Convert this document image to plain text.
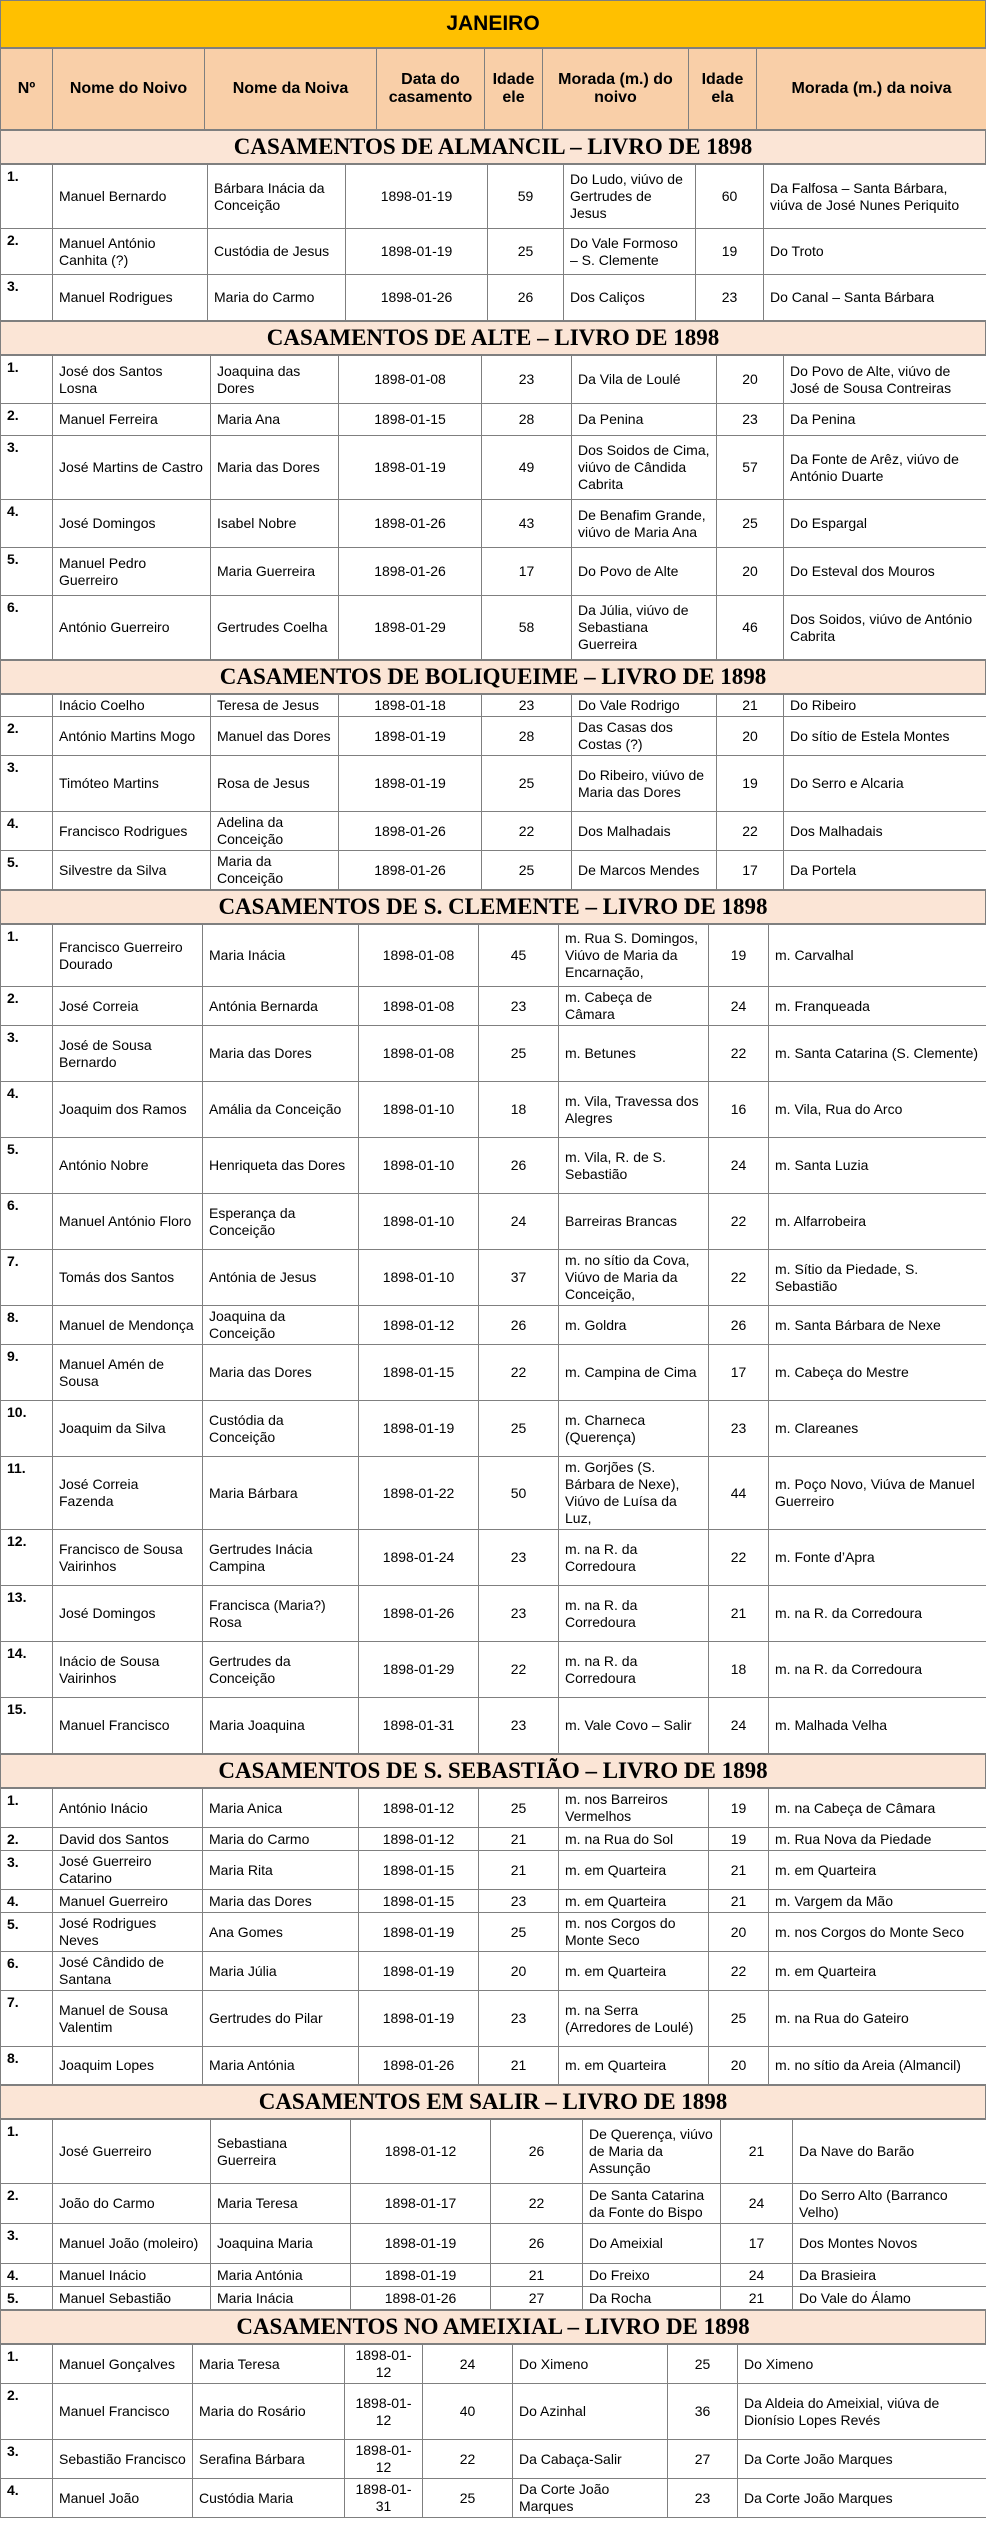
JANEIRO
Nº	Nome do Noivo	Nome da Noiva	Data do casamento	Idade ele	Morada (m.) do noivo	Idade ela	Morada (m.) da noiva
CASAMENTOS DE ALMANCIL – LIVRO DE 1898
1.	Manuel Bernardo	Bárbara Inácia da Conceição	1898-01-19	59	Do Ludo, viúvo de Gertrudes de Jesus	60	Da Falfosa – Santa Bárbara, viúva de José Nunes Periquito
2.	Manuel António Canhita (?)	Custódia de Jesus	1898-01-19	25	Do Vale Formoso – S. Clemente	19	Do Troto
3.	Manuel Rodrigues	Maria do Carmo	1898-01-26	26	Dos Caliços	23	Do Canal – Santa Bárbara
CASAMENTOS DE ALTE – LIVRO DE 1898
1.	José dos Santos Losna	Joaquina das Dores	1898-01-08	23	Da Vila de Loulé	20	Do Povo de Alte, viúvo de José de Sousa Contreiras
2.	Manuel Ferreira	Maria Ana	1898-01-15	28	Da Penina	23	Da Penina
3.	José Martins de Castro	Maria das Dores	1898-01-19	49	Dos Soidos de Cima, viúvo de Cândida Cabrita	57	Da Fonte de Arêz, viúvo de António Duarte
4.	José Domingos	Isabel Nobre	1898-01-26	43	De Benafim Grande, viúvo de Maria Ana	25	Do Espargal
5.	Manuel Pedro Guerreiro	Maria Guerreira	1898-01-26	17	Do Povo de Alte	20	Do Esteval dos Mouros
6.	António Guerreiro	Gertrudes Coelha	1898-01-29	58	Da Júlia, viúvo de Sebastiana Guerreira	46	Dos Soidos, viúvo de António Cabrita
CASAMENTOS DE BOLIQUEIME – LIVRO DE 1898
	Inácio Coelho	Teresa de Jesus	1898-01-18	23	Do Vale Rodrigo	21	Do Ribeiro
2.	António Martins Mogo	Manuel das Dores	1898-01-19	28	Das Casas dos Costas (?)	20	Do sítio de Estela Montes
3.	Timóteo Martins	Rosa de Jesus	1898-01-19	25	Do Ribeiro, viúvo de Maria das Dores	19	Do Serro e Alcaria
4.	Francisco Rodrigues	Adelina da Conceição	1898-01-26	22	Dos Malhadais	22	Dos Malhadais
5.	Silvestre da Silva	Maria da Conceição	1898-01-26	25	De Marcos Mendes	17	Da Portela
CASAMENTOS DE S. CLEMENTE – LIVRO DE 1898
1.	Francisco Guerreiro Dourado	Maria Inácia	1898-01-08	45	m. Rua S. Domingos, Viúvo de Maria da Encarnação,	19	m. Carvalhal
2.	José Correia	Antónia Bernarda	1898-01-08	23	m. Cabeça de Câmara	24	m. Franqueada
3.	José de Sousa Bernardo	Maria das Dores	1898-01-08	25	m. Betunes	22	m. Santa Catarina (S. Clemente)
4.	Joaquim dos Ramos	Amália da Conceição	1898-01-10	18	m. Vila, Travessa dos Alegres	16	m. Vila, Rua do Arco
5.	António Nobre	Henriqueta das Dores	1898-01-10	26	m. Vila, R. de S. Sebastião	24	m. Santa Luzia
6.	Manuel António Floro	Esperança da Conceição	1898-01-10	24	Barreiras Brancas	22	m. Alfarrobeira
7.	Tomás dos Santos	Antónia de Jesus	1898-01-10	37	m. no sítio da Cova, Viúvo de Maria da Conceição,	22	m. Sítio da Piedade, S. Sebastião
8.	Manuel de Mendonça	Joaquina da Conceição	1898-01-12	26	m. Goldra	26	m. Santa Bárbara de Nexe
9.	Manuel Amén de Sousa	Maria das Dores	1898-01-15	22	m. Campina de Cima	17	m. Cabeça do Mestre
10.	Joaquim da Silva	Custódia da Conceição	1898-01-19	25	m. Charneca (Querença)	23	m. Clareanes
11.	José Correia Fazenda	Maria Bárbara	1898-01-22	50	m. Gorjões (S. Bárbara de Nexe), Viúvo de Luísa da Luz,	44	m. Poço Novo, Viúva de Manuel Guerreiro
12.	Francisco de Sousa Vairinhos	Gertrudes Inácia Campina	1898-01-24	23	m. na R. da Corredoura	22	m. Fonte d’Apra
13.	José Domingos	Francisca (Maria?) Rosa	1898-01-26	23	m. na R. da Corredoura	21	m. na R. da Corredoura
14.	Inácio de Sousa Vairinhos	Gertrudes da Conceição	1898-01-29	22	m. na R. da Corredoura	18	m. na R. da Corredoura
15.	Manuel Francisco	Maria Joaquina	1898-01-31	23	m. Vale Covo – Salir	24	m. Malhada Velha
CASAMENTOS DE S. SEBASTIÃO – LIVRO DE 1898
1.	António Inácio	Maria Anica	1898-01-12	25	m. nos Barreiros Vermelhos	19	m. na Cabeça de Câmara
2.	David dos Santos	Maria do Carmo	1898-01-12	21	m. na Rua do Sol	19	m. Rua Nova da Piedade
3.	José Guerreiro Catarino	Maria Rita	1898-01-15	21	m. em Quarteira	21	m. em Quarteira
4.	Manuel Guerreiro	Maria das Dores	1898-01-15	23	m. em Quarteira	21	m. Vargem da Mão
5.	José Rodrigues Neves	Ana Gomes	1898-01-19	25	m. nos Corgos do Monte Seco	20	m. nos Corgos do Monte Seco
6.	José Cândido de Santana	Maria Júlia	1898-01-19	20	m. em Quarteira	22	m. em Quarteira
7.	Manuel de Sousa Valentim	Gertrudes do Pilar	1898-01-19	23	m. na Serra (Arredores de Loulé)	25	m. na Rua do Gateiro
8.	Joaquim Lopes	Maria Antónia	1898-01-26	21	m. em Quarteira	20	m. no sítio da Areia (Almancil)
CASAMENTOS EM SALIR – LIVRO DE 1898
1.	José Guerreiro	Sebastiana Guerreira	1898-01-12	26	De Querença, viúvo de Maria da Assunção	21	Da Nave do Barão
2.	João do Carmo	Maria Teresa	1898-01-17	22	De Santa Catarina da Fonte do Bispo	24	Do Serro Alto (Barranco Velho)
3.	Manuel João (moleiro)	Joaquina Maria	1898-01-19	26	Do Ameixial	17	Dos Montes Novos
4.	Manuel Inácio	Maria Antónia	1898-01-19	21	Do Freixo	24	Da Brasieira
5.	Manuel Sebastião	Maria Inácia	1898-01-26	27	Da Rocha	21	Do Vale do Álamo
CASAMENTOS NO AMEIXIAL – LIVRO DE 1898
1.	Manuel Gonçalves	Maria Teresa	1898-01-12	24	Do Ximeno	25	Do Ximeno
2.	Manuel Francisco	Maria do Rosário	1898-01-12	40	Do Azinhal	36	Da Aldeia do Ameixial, viúva de Dionísio Lopes Revés
3.	Sebastião Francisco	Serafina Bárbara	1898-01-12	22	Da Cabaça-Salir	27	Da Corte João Marques
4.	Manuel João	Custódia Maria	1898-01-31	25	Da Corte João Marques	23	Da Corte João Marques
